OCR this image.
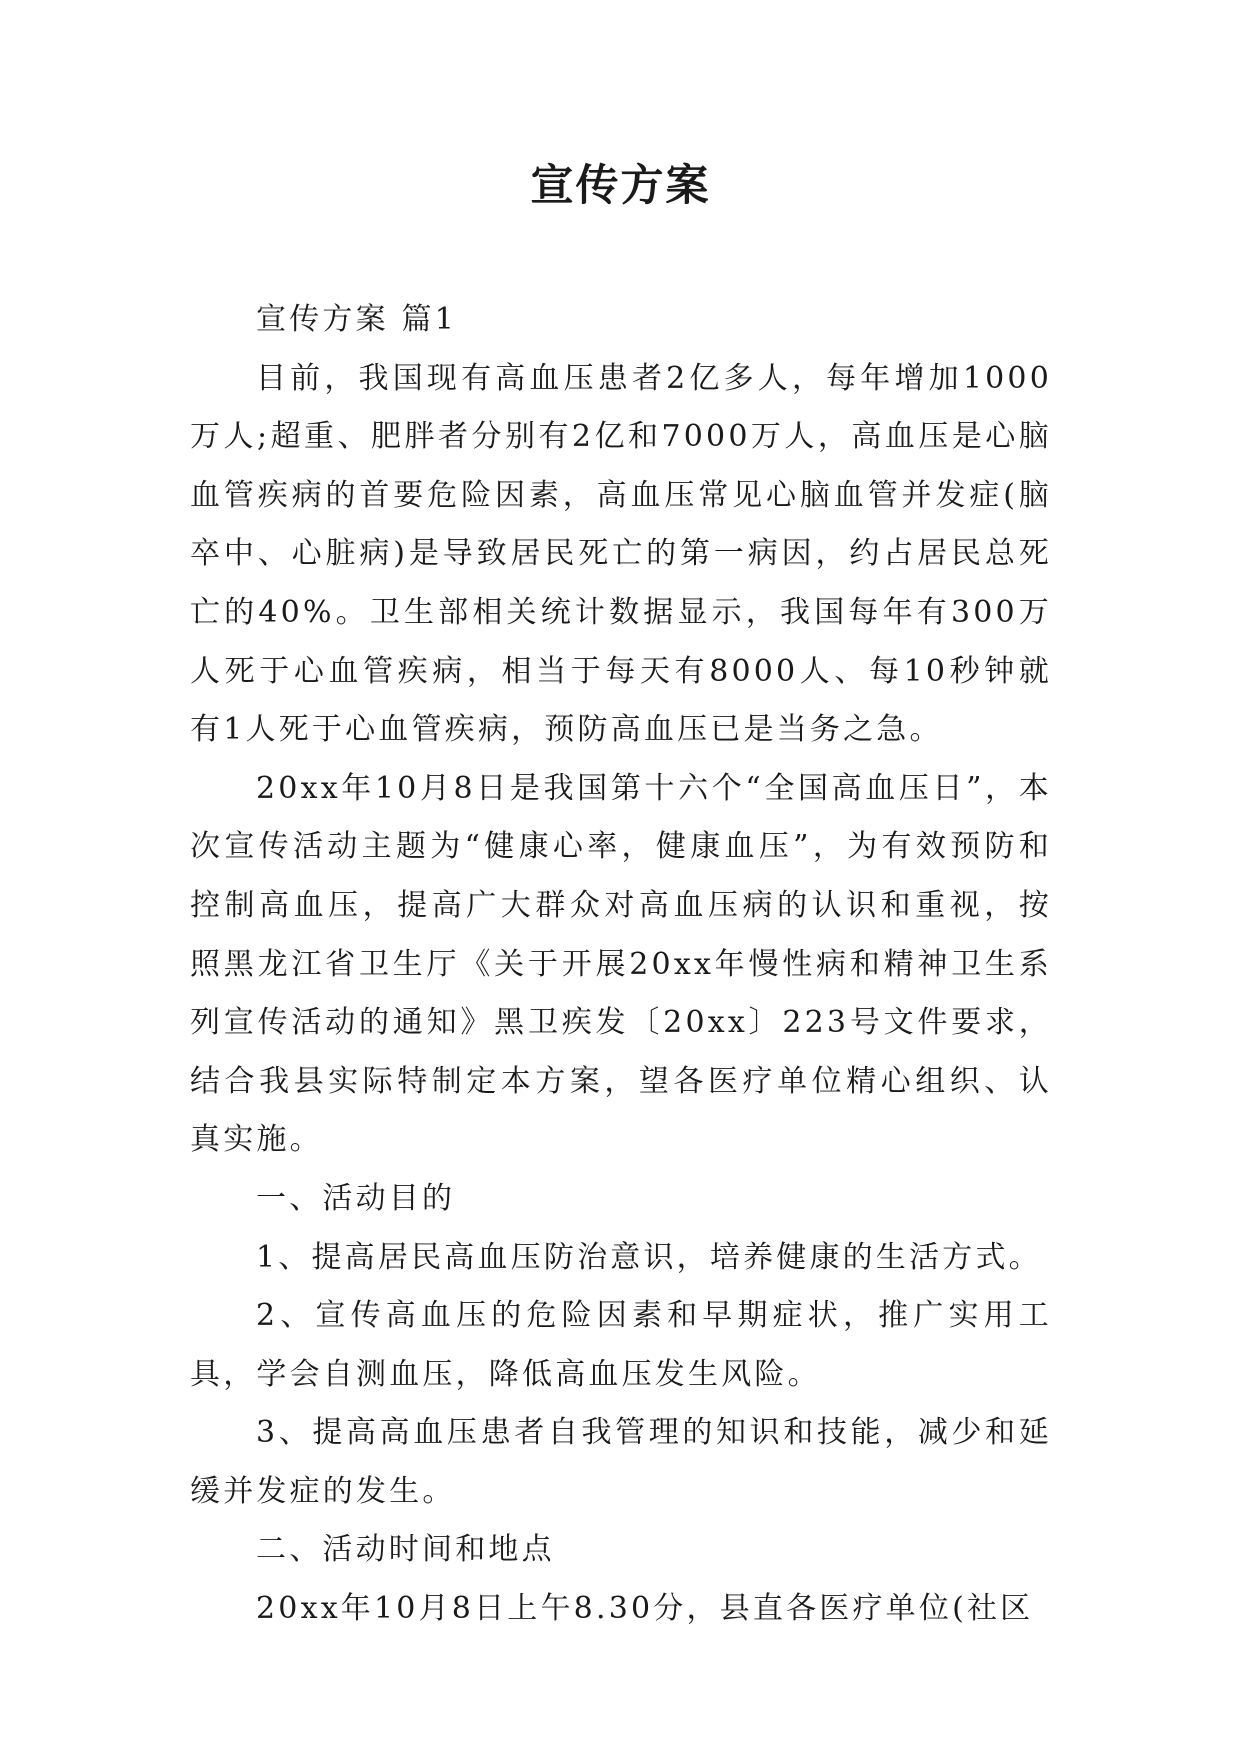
宣传方案

宣传方案 篇1

目前，我国现有高血压患者2亿多人，每年增加1000万人;超重、肥胖者分别有2亿和7000万人，高血压是心脑血管疾病的首要危险因素，高血压常见心脑血管并发症(脑卒中、心脏病)是导致居民死亡的第一病因，约占居民总死亡的40%。卫生部相关统计数据显示，我国每年有300万人死于心血管疾病，相当于每天有8000人、每10秒钟就有1人死于心血管疾病，预防高血压已是当务之急。

20xx年10月8日是我国第十六个“全国高血压日”，本次宣传活动主题为“健康心率，健康血压”，为有效预防和控制高血压，提高广大群众对高血压病的认识和重视，按照黑龙江省卫生厅《关于开展20xx年慢性病和精神卫生系列宣传活动的通知》黑卫疾发〔20xx〕223号文件要求，结合我县实际特制定本方案，望各医疗单位精心组织、认真实施。

一、活动目的

1、提高居民高血压防治意识，培养健康的生活方式。

2、宣传高血压的危险因素和早期症状，推广实用工具，学会自测血压，降低高血压发生风险。

3、提高高血压患者自我管理的知识和技能，减少和延缓并发症的发生。

二、活动时间和地点

20xx年10月8日上午8.30分，县直各医疗单位(社区
